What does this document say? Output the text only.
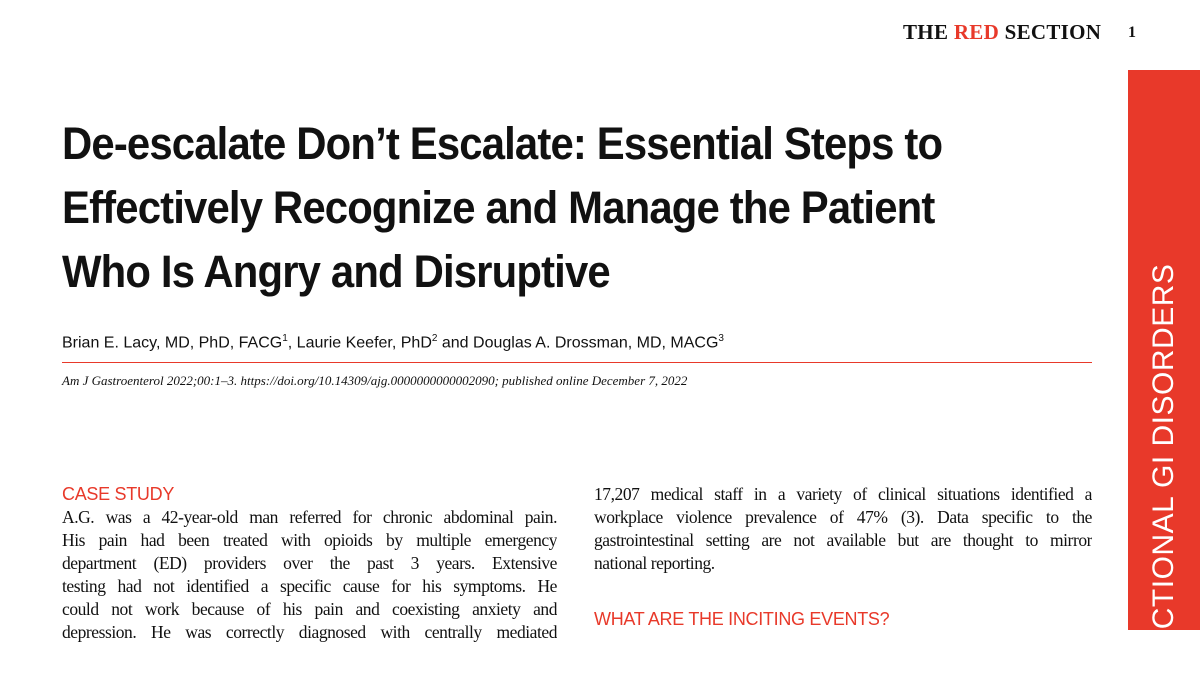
THE RED SECTION 1
FUNCTIONAL GI DISORDERS
De-escalate Don’t Escalate: Essential Steps to
Effectively Recognize and Manage the Patient
Who Is Angry and Disruptive
Brian E. Lacy, MD, PhD, FACG$^1$, Laurie Keefer, PhD$^2$ and Douglas A. Drossman, MD, MACG$^3$
Am J Gastroenterol 2022;00:1–3. https://doi.org/10.14309/ajg.0000000000002090; published online December 7, 2022
CASE STUDY
A.G. was a 42-year-old man referred for chronic abdominal pain.
His pain had been treated with opioids by multiple emergency
department (ED) providers over the past 3 years. Extensive
testing had not identified a specific cause for his symptoms. He
could not work because of his pain and coexisting anxiety and
depression. He was correctly diagnosed with centrally mediated
17,207 medical staff in a variety of clinical situations identified a
workplace violence prevalence of 47% (3). Data specific to the
gastrointestinal setting are not available but are thought to mirror
national reporting.
WHAT ARE THE INCITING EVENTS?
